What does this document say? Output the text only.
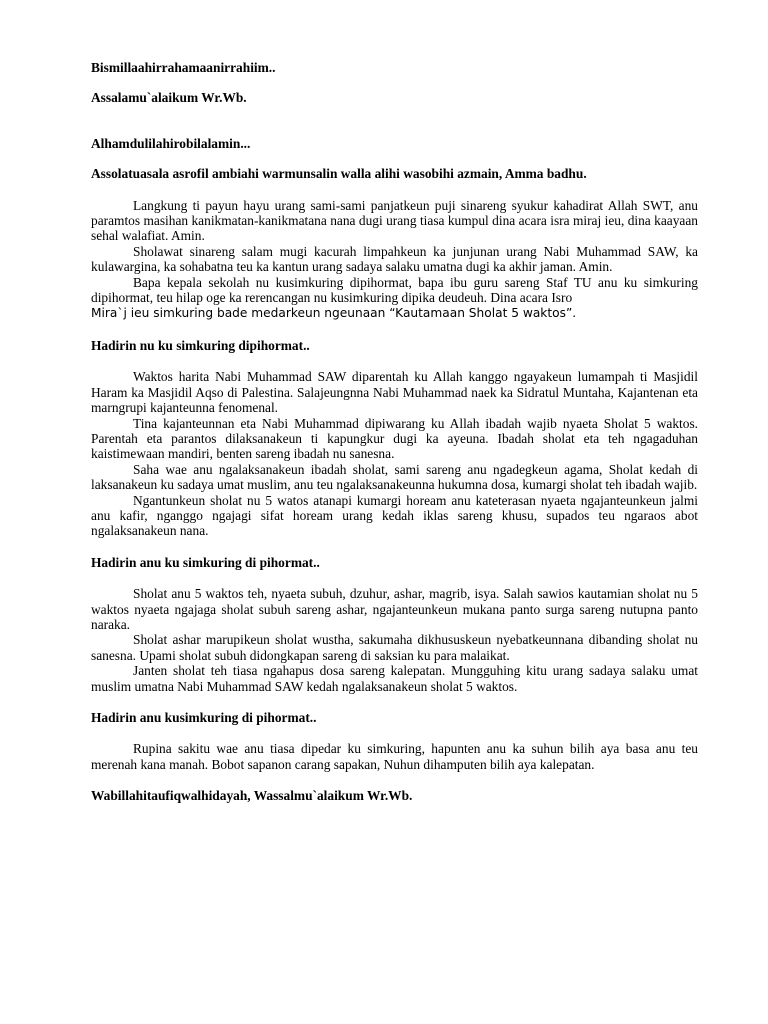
Bismillaahirrahamaanirrahiim..

Assalamu`alaikum Wr.Wb.

Alhamdulilahirobilalamin...

Assolatuasala asrofil ambiahi warmunsalin walla alihi wasobihi azmain, Amma badhu.

Langkung ti payun hayu urang sami-sami panjatkeun puji sinareng syukur kahadirat Allah SWT, anu paramtos masihan kanikmatan-kanikmatana nana dugi urang tiasa kumpul dina acara isra miraj ieu, dina kaayaan sehal walafiat. Amin.

Sholawat sinareng salam mugi kacurah limpahkeun ka junjunan urang Nabi Muhammad SAW, ka kulawargina, ka sohabatna teu ka kantun urang sadaya salaku umatna dugi ka akhir jaman. Amin.

Bapa kepala sekolah nu kusimkuring dipihormat, bapa ibu guru sareng Staf TU anu ku simkuring dipihormat, teu hilap oge ka rerencangan nu kusimkuring dipika deudeuh. Dina acara Isro

Mira`j ieu simkuring bade medarkeun ngeunaan “Kautamaan Sholat 5 waktos”.

Hadirin nu ku simkuring dipihormat..

Waktos harita Nabi Muhammad SAW diparentah ku Allah kanggo ngayakeun lumampah ti Masjidil Haram ka Masjidil Aqso di Palestina. Salajeungnna Nabi Muhammad naek ka Sidratul Muntaha, Kajantenan eta marngrupi kajanteunna fenomenal.

Tina kajanteunnan eta Nabi Muhammad dipiwarang ku Allah ibadah wajib nyaeta Sholat 5 waktos. Parentah eta parantos dilaksanakeun ti kapungkur dugi ka ayeuna. Ibadah sholat eta teh ngagaduhan kaistimewaan mandiri, benten sareng ibadah nu sanesna.

Saha wae anu ngalaksanakeun ibadah sholat, sami sareng anu ngadegkeun agama, Sholat kedah di laksanakeun ku sadaya umat muslim, anu teu ngalaksanakeunna hukumna dosa, kumargi sholat teh ibadah wajib.

Ngantunkeun sholat nu 5 watos atanapi kumargi hoream anu kateterasan nyaeta ngajanteunkeun jalmi anu kafir, nganggo ngajagi sifat hoream urang kedah iklas sareng khusu, supados teu ngaraos abot ngalaksanakeun nana.

Hadirin anu ku simkuring di pihormat..

Sholat anu 5 waktos teh, nyaeta subuh, dzuhur, ashar, magrib, isya. Salah sawios kautamian sholat nu 5 waktos nyaeta ngajaga sholat subuh sareng ashar, ngajanteunkeun mukana panto surga sareng nutupna panto naraka.

Sholat ashar marupikeun sholat wustha, sakumaha dikhususkeun nyebatkeunnana dibanding sholat nu sanesna. Upami sholat subuh didongkapan sareng di saksian ku para malaikat.

Janten sholat teh tiasa ngahapus dosa sareng kalepatan. Mungguhing kitu urang sadaya salaku umat muslim umatna Nabi Muhammad SAW kedah ngalaksanakeun sholat 5 waktos.

Hadirin anu kusimkuring di pihormat..

Rupina sakitu wae anu tiasa dipedar ku simkuring, hapunten anu ka suhun bilih aya basa anu teu merenah kana manah. Bobot sapanon carang sapakan, Nuhun dihamputen bilih aya kalepatan.

Wabillahitaufiqwalhidayah, Wassalmu`alaikum Wr.Wb.
